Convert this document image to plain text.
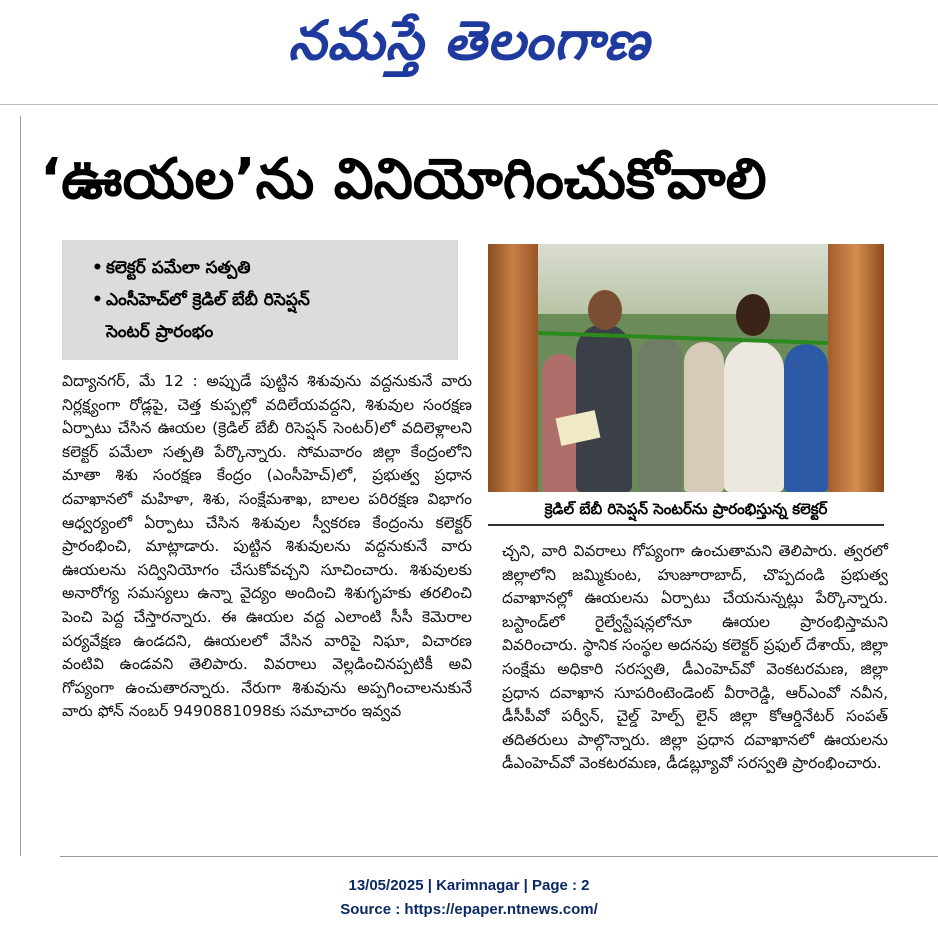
నమస్తే తెలంగాణ
‘ఊయల’ను వినియోగించుకోవాలి
• కలెక్టర్ పమేలా సత్పతి
• ఎంసీహెచ్‌లో క్రెడిల్ బేబీ రిసెప్షన్
సెంటర్ ప్రారంభం
విద్యానగర్, మే 12 : అప్పుడే పుట్టిన శిశువును వద్దనుకునే వారు నిర్లక్ష్యంగా రోడ్లపై, చెత్త కుప్పల్లో వదిలేయవద్దని, శిశువుల సంరక్షణ ఏర్పాటు చేసిన ఊయల (క్రెడిల్ బేబీ రిసెప్షన్ సెంటర్)లో వదిలెళ్లాలని కలెక్టర్ పమేలా సత్పతి పేర్కొన్నారు. సోమవారం జిల్లా కేంద్రంలోని మాతా శిశు సంరక్షణ కేంద్రం (ఎంసీహెచ్)లో, ప్రభుత్వ ప్రధాన దవాఖానలో మహిళా, శిశు, సంక్షేమశాఖ, బాలల పరిరక్షణ విభాగం ఆధ్వర్యంలో ఏర్పాటు చేసిన శిశువుల స్వీకరణ కేంద్రంను కలెక్టర్ ప్రారంభించి, మాట్లాడారు. పుట్టిన శిశువులను వద్దనుకునే వారు ఊయలను సద్వినియోగం చేసుకోవచ్చని సూచించారు. శిశువులకు అనారోగ్య సమస్యలు ఉన్నా వైద్యం అందించి శిశుగృహకు తరలించి పెంచి పెద్ద చేస్తారన్నారు. ఈ ఊయల వద్ద ఎలాంటి సీసీ కెమెరాల పర్యవేక్షణ ఉండదని, ఊయలలో వేసిన వారిపై నిఘా, విచారణ వంటివి ఉండవని తెలిపారు. వివరాలు వెల్లడించినప్పటికీ అవి గోప్యంగా ఉంచుతారన్నారు. నేరుగా శిశువును అప్పగించాలనుకునే వారు ఫోన్ నంబర్ 9490881098కు సమాచారం ఇవ్వవ
క్రెడిల్ బేబీ రిసెప్షన్ సెంటర్‌ను ప్రారంభిస్తున్న కలెక్టర్
చ్చని, వారి వివరాలు గోప్యంగా ఉంచుతామని తెలిపారు. త్వరలో జిల్లాలోని జమ్మికుంట, హుజూరాబాద్, చొప్పదండి ప్రభుత్వ దవాఖానల్లో ఊయలను ఏర్పాటు చేయనున్నట్లు పేర్కొన్నారు. బస్టాండ్‌లో రైల్వేస్టేషన్లలోనూ ఊయల ప్రారంభిస్తామని వివరించారు. స్థానిక సంస్థల అదనపు కలెక్టర్ ప్రఫుల్ దేశాయ్, జిల్లా సంక్షేమ అధికారి సరస్వతి, డీఎంహెచ్‌వో వెంకటరమణ, జిల్లా ప్రధాన దవాఖాన సూపరింటెండెంట్ వీరారెడ్డి, ఆర్ఎంవో నవీన, డీసీపీవో పర్వీన్, చైల్డ్ హెల్ప్ లైన్ జిల్లా కోఆర్డినేటర్ సంపత్ తదితరులు పాల్గొన్నారు. జిల్లా ప్రధాన దవాఖానలో ఊయలను డీఎంహెచ్‌వో వెంకటరమణ, డీడబ్ల్యూవో సరస్వతి ప్రారంభించారు.
13/05/2025 | Karimnagar | Page : 2
Source : https://epaper.ntnews.com/
